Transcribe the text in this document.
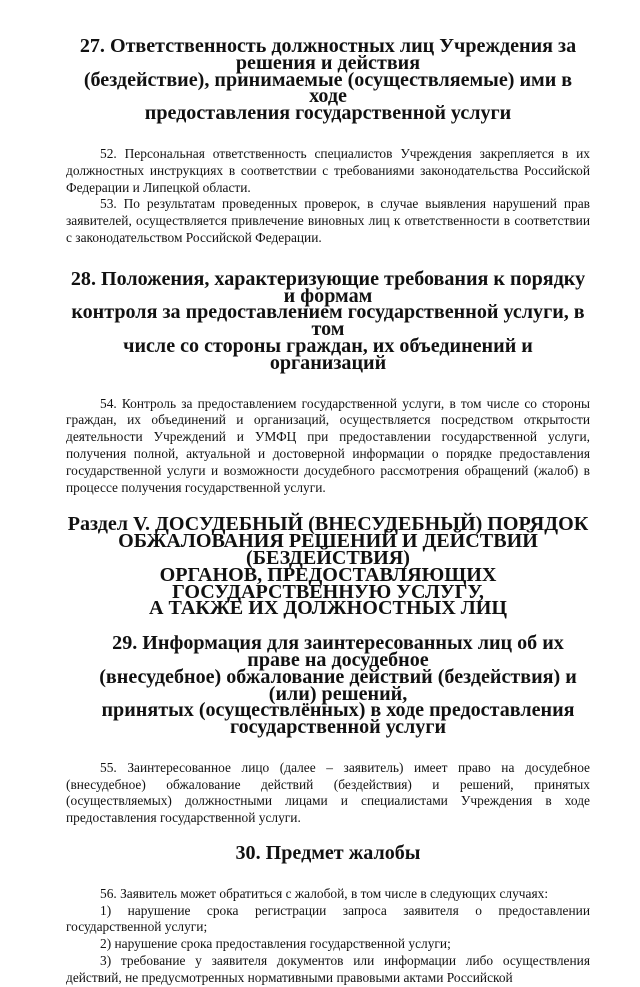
27. Ответственность должностных лиц Учреждения за решения и действия
(бездействие), принимаемые (осуществляемые) ими в ходе
предоставления государственной услуги

52. Персональная ответственность специалистов Учреждения закрепляется в их должностных инструкциях в соответствии с требованиями законодательства Российской Федерации и Липецкой области.

53. По результатам проведенных проверок, в случае выявления нарушений прав заявителей, осуществляется привлечение виновных лиц к ответственности в соответствии с законодательством Российской Федерации.

28. Положения, характеризующие требования к порядку и формам
контроля за предоставлением государственной услуги, в том
числе со стороны граждан, их объединений и организаций

54. Контроль за предоставлением государственной услуги, в том числе со стороны граждан, их объединений и организаций, осуществляется посредством открытости деятельности Учреждений и УМФЦ при предоставлении государственной услуги, получения полной, актуальной и достоверной информации о порядке предоставления государственной услуги и возможности досудебного рассмотрения обращений (жалоб) в процессе получения государственной услуги.

Раздел V. ДОСУДЕБНЫЙ (ВНЕСУДЕБНЫЙ) ПОРЯДОК
ОБЖАЛОВАНИЯ РЕШЕНИЙ И ДЕЙСТВИЙ (БЕЗДЕЙСТВИЯ)
ОРГАНОВ, ПРЕДОСТАВЛЯЮЩИХ ГОСУДАРСТВЕННУЮ УСЛУГУ,
А ТАКЖЕ ИХ ДОЛЖНОСТНЫХ ЛИЦ
29. Информация для заинтересованных лиц об их праве на досудебное
(внесудебное) обжалование действий (бездействия) и (или) решений,
принятых (осуществлённых) в ходе предоставления государственной услуги

55. Заинтересованное лицо (далее – заявитель) имеет право на досудебное (внесудебное) обжалование действий (бездействия) и решений, принятых (осуществляемых) должностными лицами и специалистами Учреждения в ходе предоставления государственной услуги.

30. Предмет жалобы

56. Заявитель может обратиться с жалобой, в том числе в следующих случаях:

1) нарушение срока регистрации запроса заявителя о предоставлении государственной услуги;

2) нарушение срока предоставления государственной услуги;

3) требование у заявителя документов или информации либо осуществления действий, не предусмотренных нормативными правовыми актами Российской
